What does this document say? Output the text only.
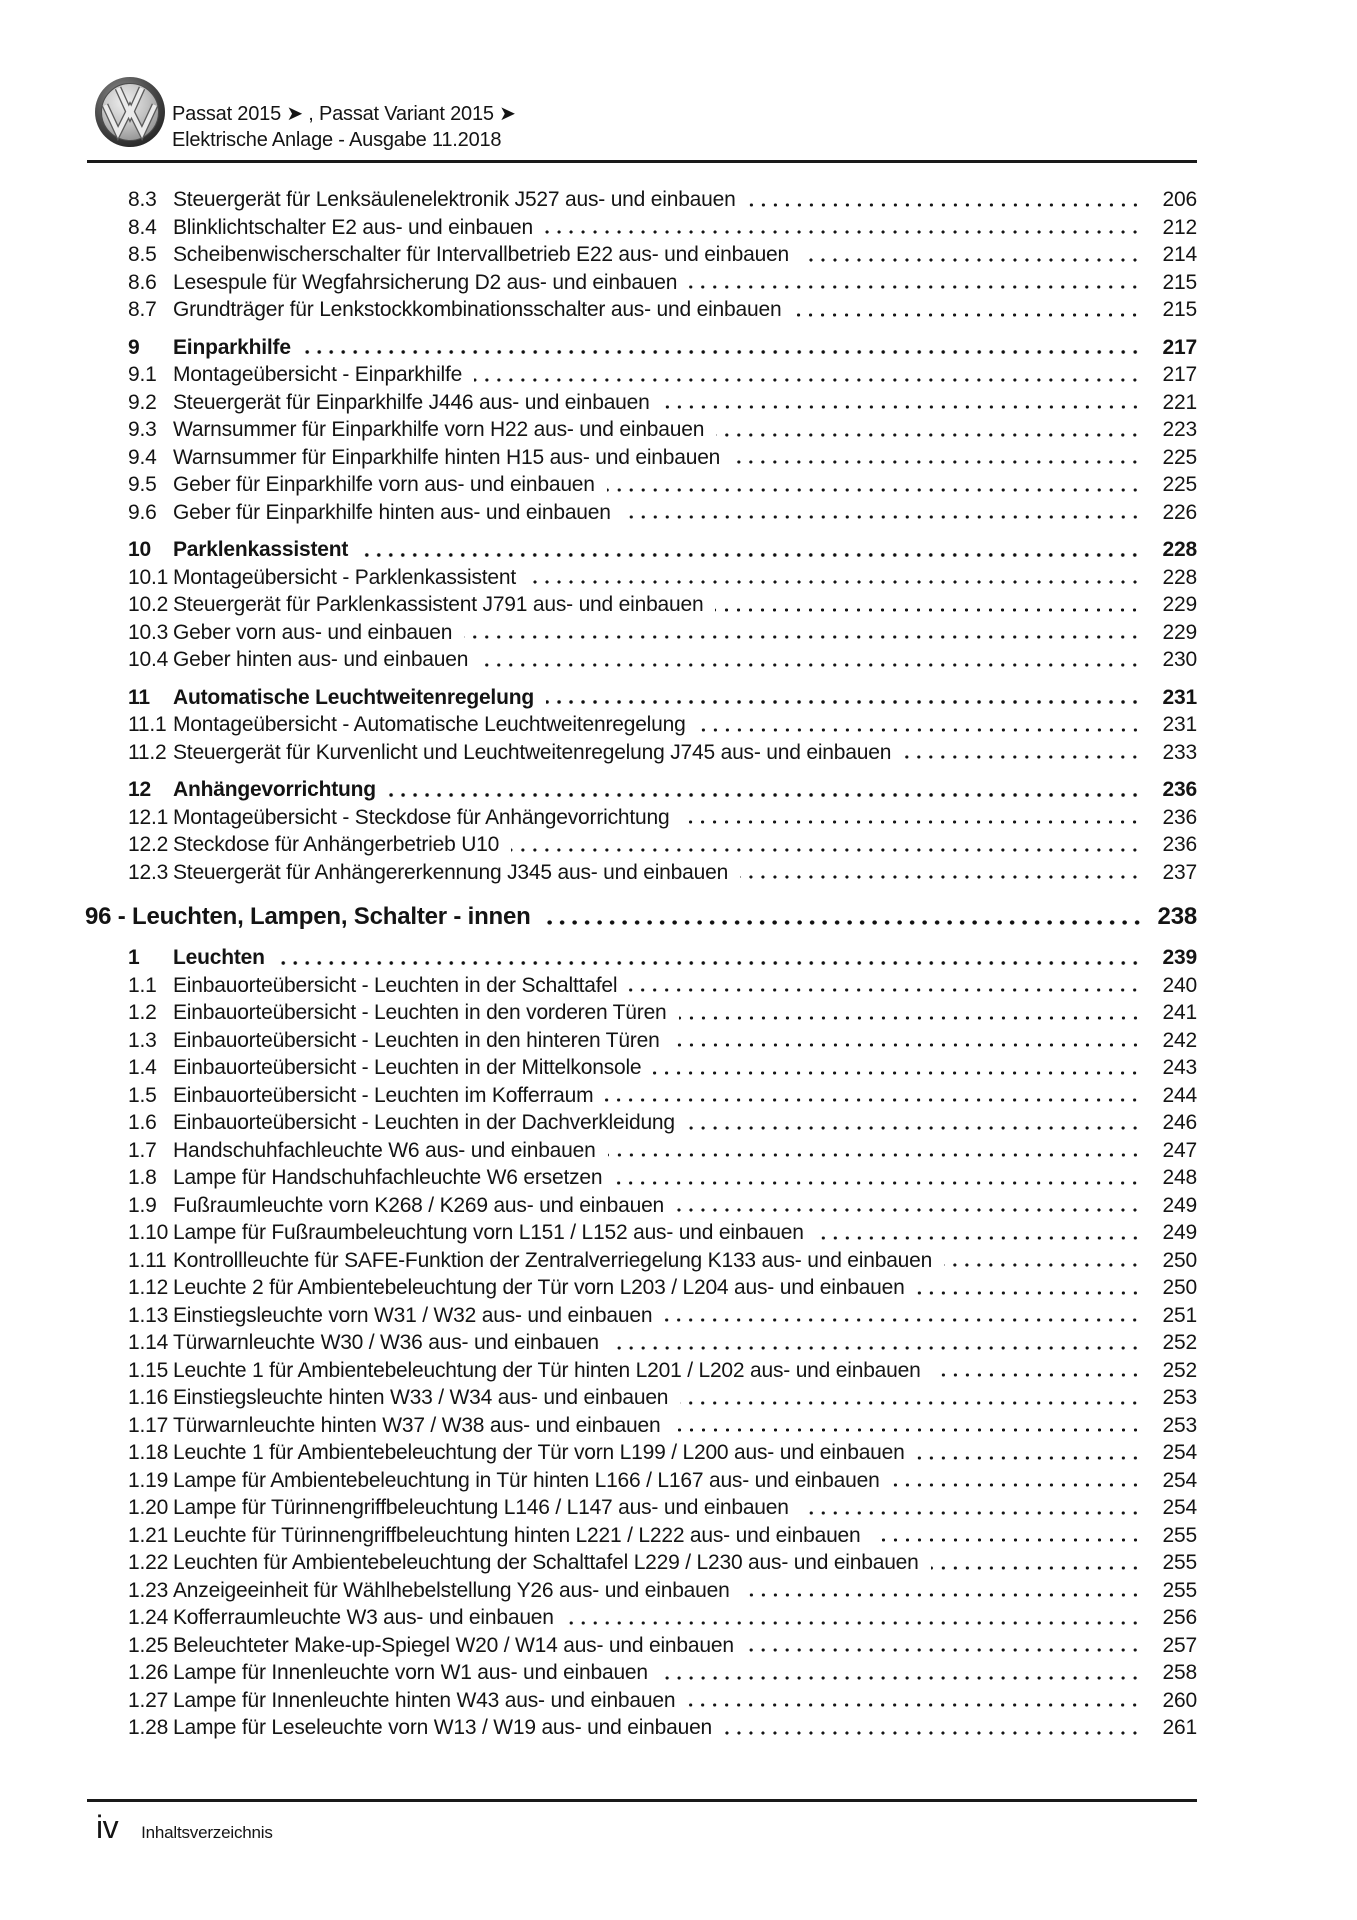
Passat 2015 ➤ , Passat Variant 2015 ➤
Elektrische Anlage - Ausgabe 11.2018
8.3 Steuergerät für Lenksäulenelektronik J527 aus- und einbauen	206
8.4 Blinklichtschalter E2 aus- und einbauen	212
8.5 Scheibenwischerschalter für Intervallbetrieb E22 aus- und einbauen	214
8.6 Lesespule für Wegfahrsicherung D2 aus- und einbauen	215
8.7 Grundträger für Lenkstockkombinationsschalter aus- und einbauen	215
9	Einparkhilfe	217
9.1 Montageübersicht - Einparkhilfe	217
9.2 Steuergerät für Einparkhilfe J446 aus- und einbauen	221
9.3 Warnsummer für Einparkhilfe vorn H22 aus- und einbauen	223
9.4 Warnsummer für Einparkhilfe hinten H15 aus- und einbauen	225
9.5 Geber für Einparkhilfe vorn aus- und einbauen	225
9.6 Geber für Einparkhilfe hinten aus- und einbauen	226
10	Parklenkassistent	228
10.1 Montageübersicht - Parklenkassistent	228
10.2 Steuergerät für Parklenkassistent J791 aus- und einbauen	229
10.3 Geber vorn aus- und einbauen	229
10.4 Geber hinten aus- und einbauen	230
11	Automatische Leuchtweitenregelung	231
11.1 Montageübersicht - Automatische Leuchtweitenregelung	231
11.2 Steuergerät für Kurvenlicht und Leuchtweitenregelung J745 aus- und einbauen	233
12	Anhängevorrichtung	236
12.1 Montageübersicht - Steckdose für Anhängevorrichtung	236
12.2 Steckdose für Anhängerbetrieb U10	236
12.3 Steuergerät für Anhängererkennung J345 aus- und einbauen	237
96 - Leuchten, Lampen, Schalter - innen	238
1	Leuchten	239
1.1 Einbauorteübersicht - Leuchten in der Schalttafel	240
1.2 Einbauorteübersicht - Leuchten in den vorderen Türen	241
1.3 Einbauorteübersicht - Leuchten in den hinteren Türen	242
1.4 Einbauorteübersicht - Leuchten in der Mittelkonsole	243
1.5 Einbauorteübersicht - Leuchten im Kofferraum	244
1.6 Einbauorteübersicht - Leuchten in der Dachverkleidung	246
1.7 Handschuhfachleuchte W6 aus- und einbauen	247
1.8 Lampe für Handschuhfachleuchte W6 ersetzen	248
1.9 Fußraumleuchte vorn K268 / K269 aus- und einbauen	249
1.10 Lampe für Fußraumbeleuchtung vorn L151 / L152 aus- und einbauen	249
1.11 Kontrollleuchte für SAFE-Funktion der Zentralverriegelung K133 aus- und einbauen	250
1.12 Leuchte 2 für Ambientebeleuchtung der Tür vorn L203 / L204 aus- und einbauen	250
1.13 Einstiegsleuchte vorn W31 / W32 aus- und einbauen	251
1.14 Türwarnleuchte W30 / W36 aus- und einbauen	252
1.15 Leuchte 1 für Ambientebeleuchtung der Tür hinten L201 / L202 aus- und einbauen	252
1.16 Einstiegsleuchte hinten W33 / W34 aus- und einbauen	253
1.17 Türwarnleuchte hinten W37 / W38 aus- und einbauen	253
1.18 Leuchte 1 für Ambientebeleuchtung der Tür vorn L199 / L200 aus- und einbauen	254
1.19 Lampe für Ambientebeleuchtung in Tür hinten L166 / L167 aus- und einbauen	254
1.20 Lampe für Türinnengriffbeleuchtung L146 / L147 aus- und einbauen	254
1.21 Leuchte für Türinnengriffbeleuchtung hinten L221 / L222 aus- und einbauen	255
1.22 Leuchten für Ambientebeleuchtung der Schalttafel L229 / L230 aus- und einbauen	255
1.23 Anzeigeeinheit für Wählhebelstellung Y26 aus- und einbauen	255
1.24 Kofferraumleuchte W3 aus- und einbauen	256
1.25 Beleuchteter Make-up-Spiegel W20 / W14 aus- und einbauen	257
1.26 Lampe für Innenleuchte vorn W1 aus- und einbauen	258
1.27 Lampe für Innenleuchte hinten W43 aus- und einbauen	260
1.28 Lampe für Leseleuchte vorn W13 / W19 aus- und einbauen	261
iv Inhaltsverzeichnis
